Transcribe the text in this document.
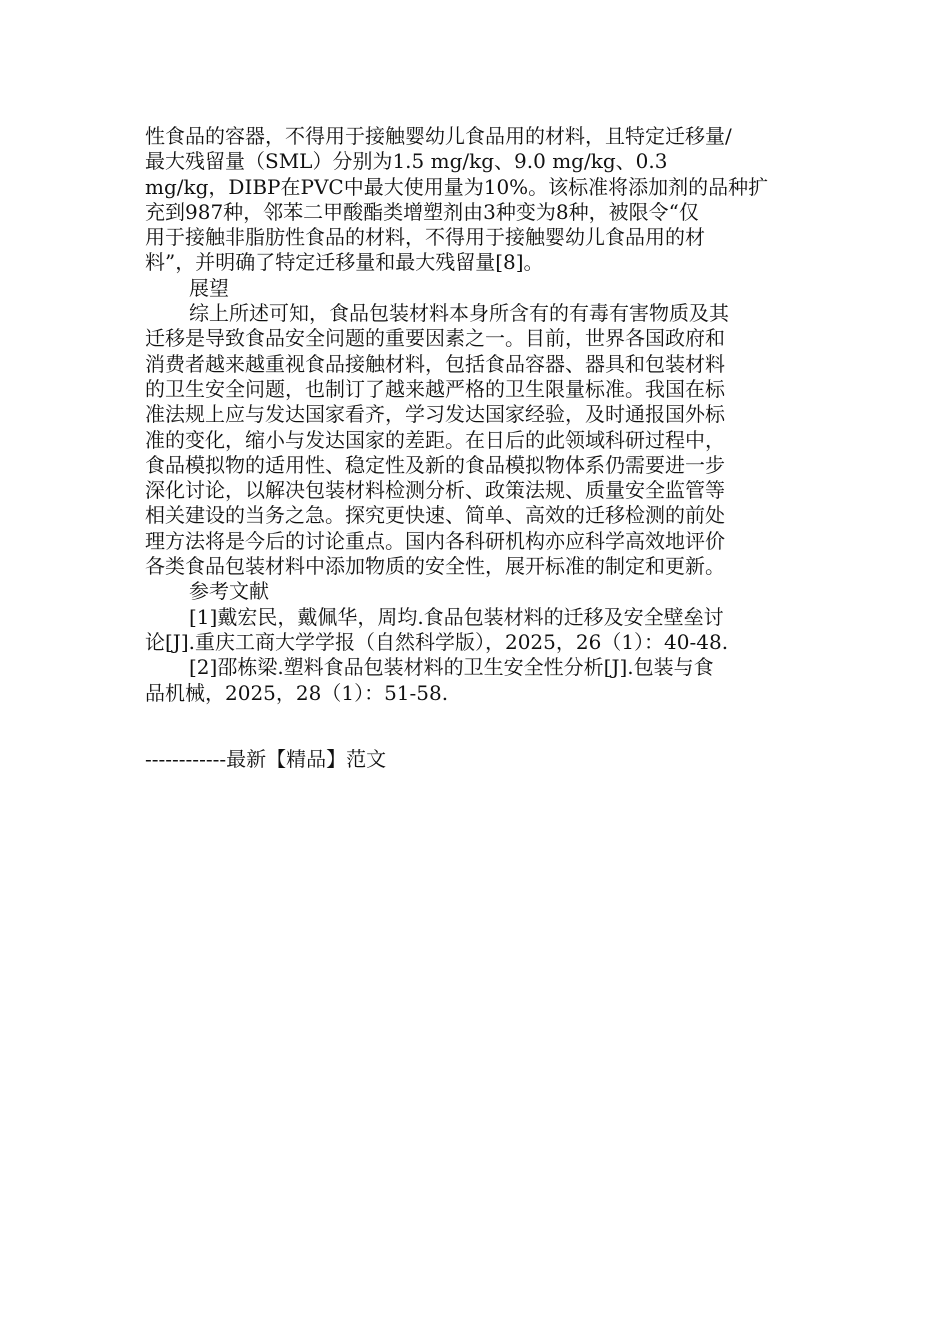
性食品的容器，不得用于接触婴幼儿食品用的材料，且特定迁移量/
最大残留量（SML）分别为1.5 mg/kg、9.0 mg/kg、0.3
mg/kg，DIBP在PVC中最大使用量为10%。该标准将添加剂的品种扩
充到987种，邻苯二甲酸酯类增塑剂由3种变为8种，被限令“仅
用于接触非脂肪性食品的材料，不得用于接触婴幼儿食品用的材
料”，并明确了特定迁移量和最大残留量[8]。
展望
综上所述可知，食品包装材料本身所含有的有毒有害物质及其
迁移是导致食品安全问题的重要因素之一。目前，世界各国政府和
消费者越来越重视食品接触材料，包括食品容器、器具和包装材料
的卫生安全问题，也制订了越来越严格的卫生限量标准。我国在标
准法规上应与发达国家看齐，学习发达国家经验，及时通报国外标
准的变化，缩小与发达国家的差距。在日后的此领域科研过程中，
食品模拟物的适用性、稳定性及新的食品模拟物体系仍需要进一步
深化讨论，以解决包装材料检测分析、政策法规、质量安全监管等
相关建设的当务之急。探究更快速、简单、高效的迁移检测的前处
理方法将是今后的讨论重点。国内各科研机构亦应科学高效地评价
各类食品包装材料中添加物质的安全性，展开标准的制定和更新。
参考文献
[1]戴宏民，戴佩华，周均.食品包装材料的迁移及安全壁垒讨
论[J].重庆工商大学学报（自然科学版），2025，26（1）：40-48.
[2]邵栋梁.塑料食品包装材料的卫生安全性分析[J].包装与食
品机械，2025，28（1）：51-58.
------------最新【精品】范文
